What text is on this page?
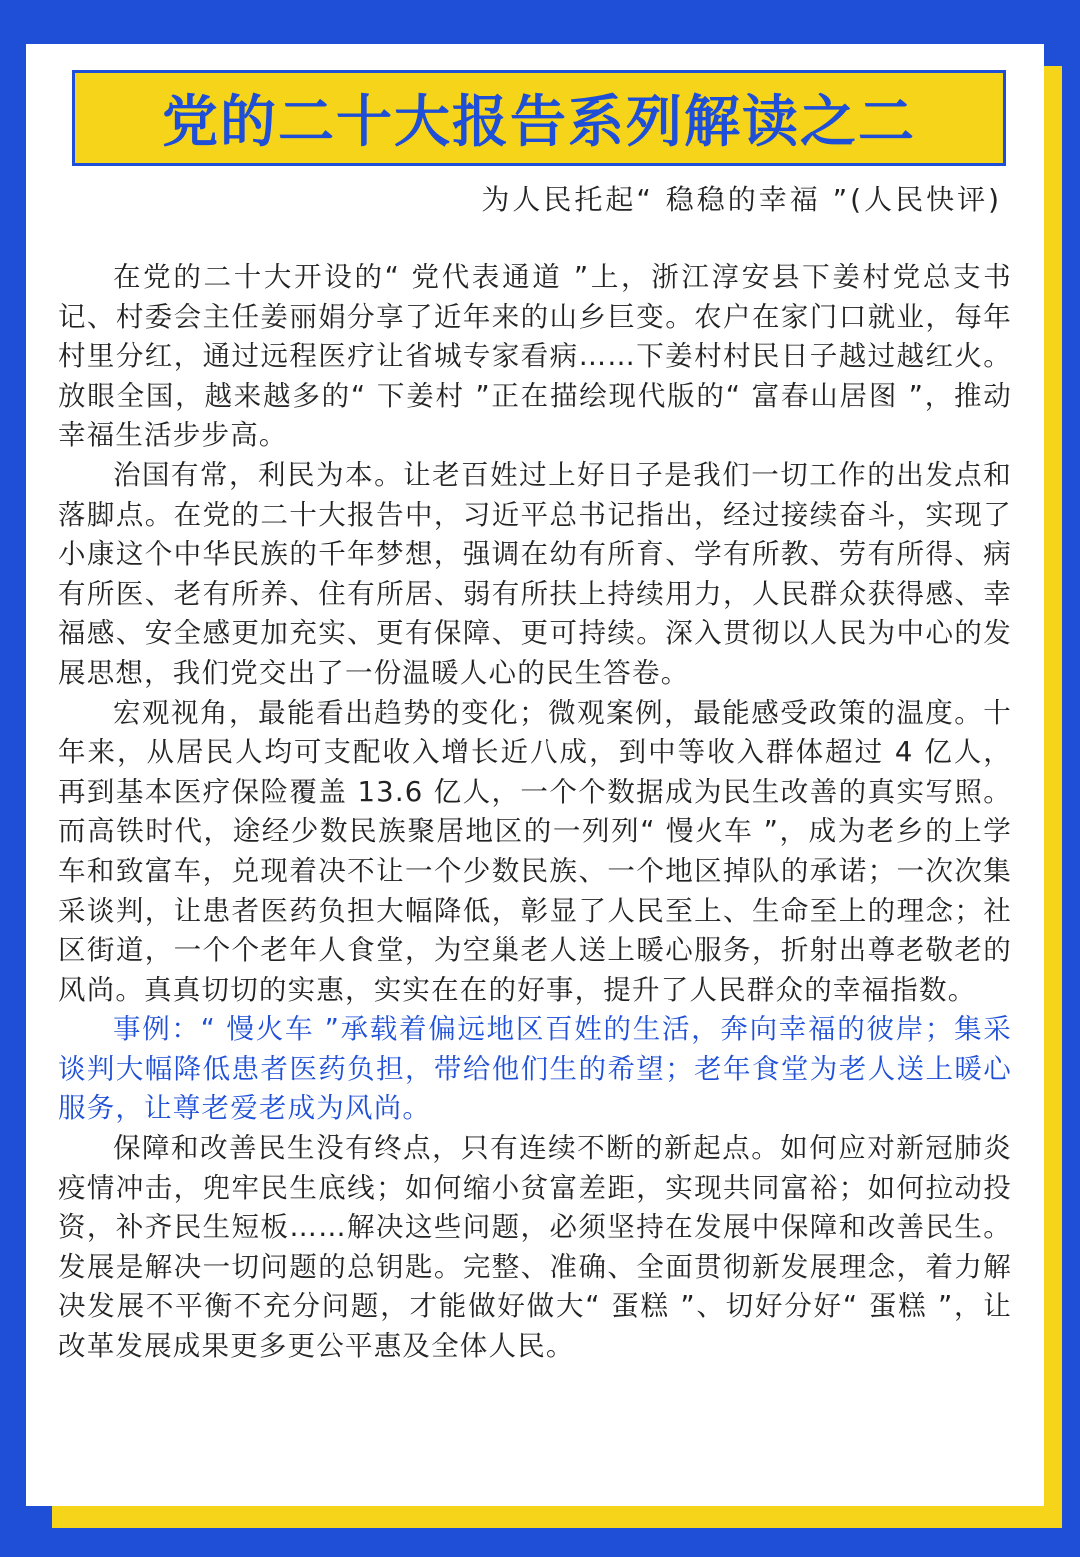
党的二十大报告系列解读之二
为人民托起“ 稳稳的幸福 ”(人民快评)

在党的二十大开设的“ 党代表通道 ”上，浙江淳安县下姜村党总支书记、村委会主任姜丽娟分享了近年来的山乡巨变。农户在家门口就业，每年村里分红，通过远程医疗让省城专家看病……下姜村村民日子越过越红火。放眼全国，越来越多的“ 下姜村 ”正在描绘现代版的“ 富春山居图 ”，推动幸福生活步步高。

治国有常，利民为本。让老百姓过上好日子是我们一切工作的出发点和落脚点。在党的二十大报告中，习近平总书记指出，经过接续奋斗，实现了小康这个中华民族的千年梦想，强调在幼有所育、学有所教、劳有所得、病有所医、老有所养、住有所居、弱有所扶上持续用力，人民群众获得感、幸福感、安全感更加充实、更有保障、更可持续。深入贯彻以人民为中心的发展思想，我们党交出了一份温暖人心的民生答卷。

宏观视角，最能看出趋势的变化；微观案例，最能感受政策的温度。十年来，从居民人均可支配收入增长近八成，到中等收入群体超过 4 亿人，再到基本医疗保险覆盖 13.6 亿人，一个个数据成为民生改善的真实写照。而高铁时代，途经少数民族聚居地区的一列列“ 慢火车 ”，成为老乡的上学车和致富车，兑现着决不让一个少数民族、一个地区掉队的承诺；一次次集采谈判，让患者医药负担大幅降低，彰显了人民至上、生命至上的理念；社区街道，一个个老年人食堂，为空巢老人送上暖心服务，折射出尊老敬老的风尚。真真切切的实惠，实实在在的好事，提升了人民群众的幸福指数。

事例：“ 慢火车 ”承载着偏远地区百姓的生活，奔向幸福的彼岸；集采谈判大幅降低患者医药负担，带给他们生的希望；老年食堂为老人送上暖心服务，让尊老爱老成为风尚。

保障和改善民生没有终点，只有连续不断的新起点。如何应对新冠肺炎疫情冲击，兜牢民生底线；如何缩小贫富差距，实现共同富裕；如何拉动投资，补齐民生短板……解决这些问题，必须坚持在发展中保障和改善民生。发展是解决一切问题的总钥匙。完整、准确、全面贯彻新发展理念，着力解决发展不平衡不充分问题，才能做好做大“ 蛋糕 ”、切好分好“ 蛋糕 ”，让改革发展成果更多更公平惠及全体人民。
